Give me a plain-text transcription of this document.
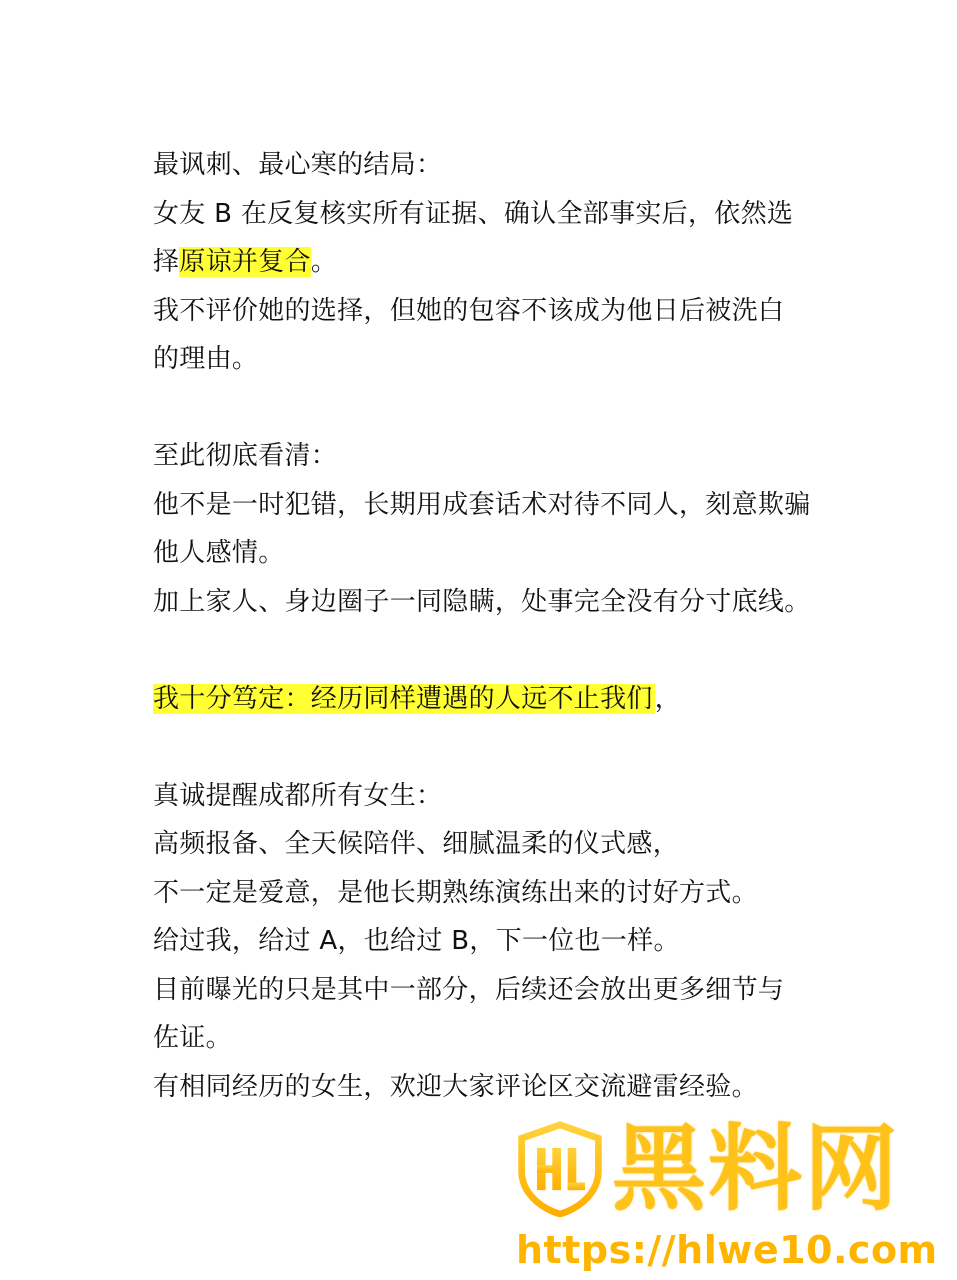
最讽刺、最心寒的结局：
女友 B 在反复核实所有证据、确认全部事实后，依然选
择原谅并复合。
我不评价她的选择，但她的包容不该成为他日后被洗白
的理由。
至此彻底看清：
他不是一时犯错，长期用成套话术对待不同人，刻意欺骗
他人感情。
加上家人、身边圈子一同隐瞒，处事完全没有分寸底线。
我十分笃定：经历同样遭遇的人远不止我们，
真诚提醒成都所有女生：
高频报备、全天候陪伴、细腻温柔的仪式感，
不一定是爱意，是他长期熟练演练出来的讨好方式。
给过我，给过 A，也给过 B，下一位也一样。
目前曝光的只是其中一部分，后续还会放出更多细节与
佐证。
有相同经历的女生，欢迎大家评论区交流避雷经验。
黑料网
https://hlwe10.com
